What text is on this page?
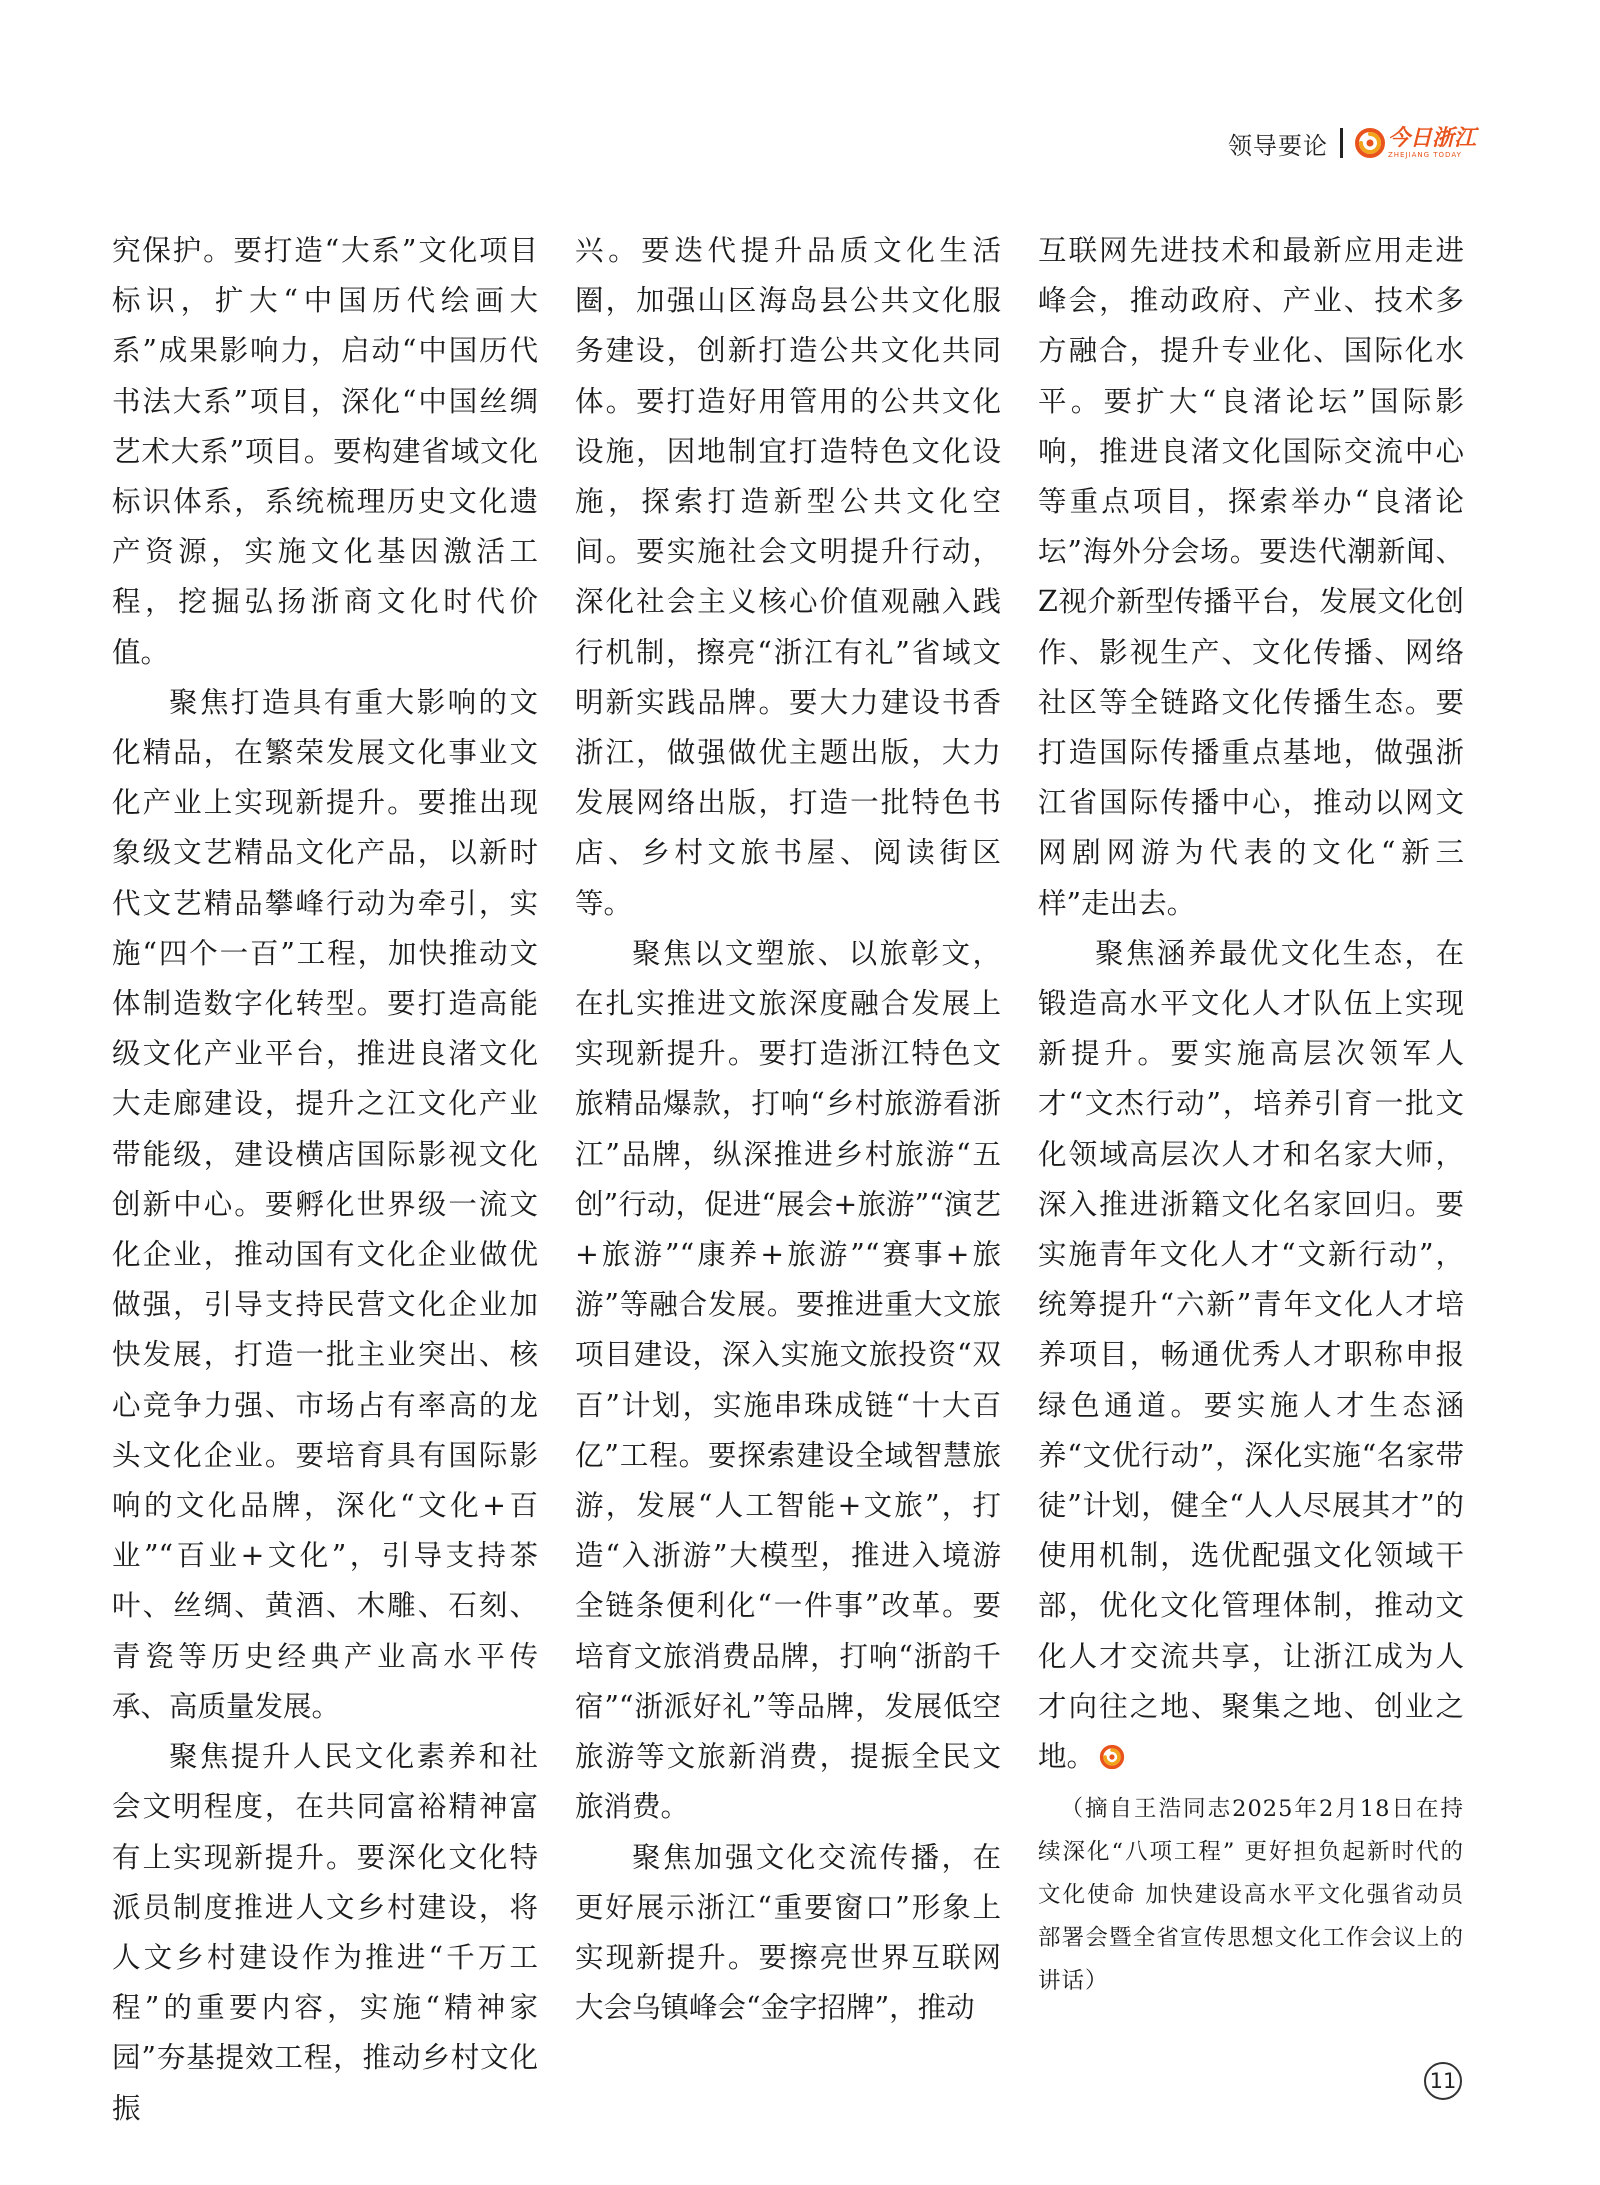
领导要论	今日浙江
ZHEJIANG TODAY

究保护。要打造“大系”文化项目标识，扩大“中国历代绘画大系”成果影响力，启动“中国历代书法大系”项目，深化“中国丝绸艺术大系”项目。要构建省域文化标识体系，系统梳理历史文化遗产资源，实施文化基因激活工程，挖掘弘扬浙商文化时代价值。

聚焦打造具有重大影响的文化精品，在繁荣发展文化事业文化产业上实现新提升。要推出现象级文艺精品文化产品，以新时代文艺精品攀峰行动为牵引，实施“四个一百”工程，加快推动文体制造数字化转型。要打造高能级文化产业平台，推进良渚文化大走廊建设，提升之江文化产业带能级，建设横店国际影视文化创新中心。要孵化世界级一流文化企业，推动国有文化企业做优做强，引导支持民营文化企业加快发展，打造一批主业突出、核心竞争力强、市场占有率高的龙头文化企业。要培育具有国际影响的文化品牌，深化“文化+百业”“百业+文化”，引导支持茶叶、丝绸、黄酒、木雕、石刻、青瓷等历史经典产业高水平传承、高质量发展。

聚焦提升人民文化素养和社会文明程度，在共同富裕精神富有上实现新提升。要深化文化特派员制度推进人文乡村建设，将人文乡村建设作为推进“千万工程”的重要内容，实施“精神家园”夯基提效工程，推动乡村文化振

兴。要迭代提升品质文化生活圈，加强山区海岛县公共文化服务建设，创新打造公共文化共同体。要打造好用管用的公共文化设施，因地制宜打造特色文化设施，探索打造新型公共文化空间。要实施社会文明提升行动，深化社会主义核心价值观融入践行机制，擦亮“浙江有礼”省域文明新实践品牌。要大力建设书香浙江，做强做优主题出版，大力发展网络出版，打造一批特色书店、乡村文旅书屋、阅读街区等。

聚焦以文塑旅、以旅彰文，在扎实推进文旅深度融合发展上实现新提升。要打造浙江特色文旅精品爆款，打响“乡村旅游看浙江”品牌，纵深推进乡村旅游“五创”行动，促进“展会+旅游”“演艺+旅游”“康养+旅游”“赛事+旅游”等融合发展。要推进重大文旅项目建设，深入实施文旅投资“双百”计划，实施串珠成链“十大百亿”工程。要探索建设全域智慧旅游，发展“人工智能+文旅”，打造“入浙游”大模型，推进入境游全链条便利化“一件事”改革。要培育文旅消费品牌，打响“浙韵千宿”“浙派好礼”等品牌，发展低空旅游等文旅新消费，提振全民文旅消费。

聚焦加强文化交流传播，在更好展示浙江“重要窗口”形象上实现新提升。要擦亮世界互联网大会乌镇峰会“金字招牌”，推动

互联网先进技术和最新应用走进峰会，推动政府、产业、技术多方融合，提升专业化、国际化水平。要扩大“良渚论坛”国际影响，推进良渚文化国际交流中心等重点项目，探索举办“良渚论坛”海外分会场。要迭代潮新闻、Z视介新型传播平台，发展文化创作、影视生产、文化传播、网络社区等全链路文化传播生态。要打造国际传播重点基地，做强浙江省国际传播中心，推动以网文网剧网游为代表的文化“新三样”走出去。

聚焦涵养最优文化生态，在锻造高水平文化人才队伍上实现新提升。要实施高层次领军人才“文杰行动”，培养引育一批文化领域高层次人才和名家大师，深入推进浙籍文化名家回归。要实施青年文化人才“文新行动”，统筹提升“六新”青年文化人才培养项目，畅通优秀人才职称申报绿色通道。要实施人才生态涵养“文优行动”，深化实施“名家带徒”计划，健全“人人尽展其才”的使用机制，选优配强文化领域干部，优化文化管理体制，推动文化人才交流共享，让浙江成为人才向往之地、聚集之地、创业之地。

（摘自王浩同志2025年2月18日在持续深化“八项工程” 更好担负起新时代的文化使命 加快建设高水平文化强省动员部署会暨全省宣传思想文化工作会议上的讲话）

11
